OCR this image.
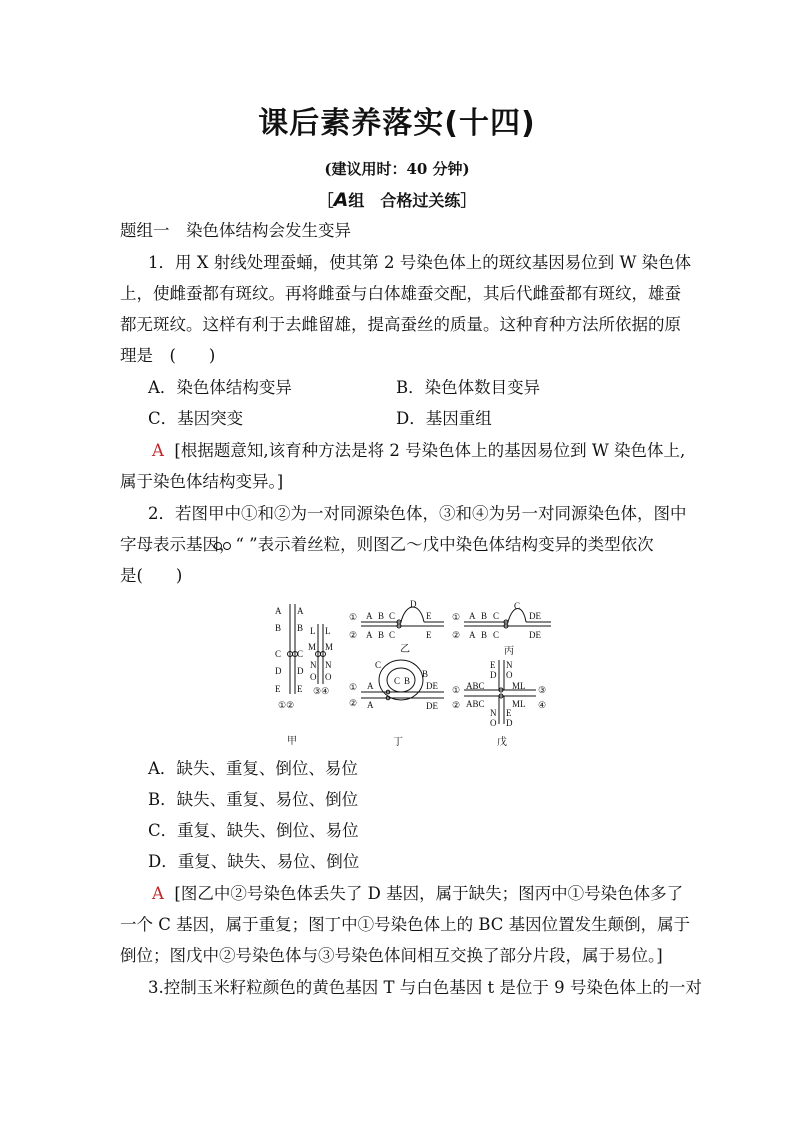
课后素养落实(十四)
(建议用时：40 分钟)
［A组　合格过关练］
题组一　染色体结构会发生变异
1．用 X 射线处理蚕蛹，使其第 2 号染色体上的斑纹基因易位到 W 染色体
上，使雌蚕都有斑纹。再将雌蚕与白体雄蚕交配，其后代雌蚕都有斑纹，雄蚕
都无斑纹。这样有利于去雌留雄，提高蚕丝的质量。这种育种方法所依据的原
理是　(　　)
A．染色体结构变异	B．染色体数目变异
C．基因突变	D．基因重组
A [根据题意知,该育种方法是将 2 号染色体上的基因易位到 W 染色体上,
属于染色体结构变异。]
2．若图甲中①和②为一对同源染色体，③和④为另一对同源染色体，图中
字母表示基因，“ ”表示着丝粒，则图乙～戊中染色体结构变异的类型依次
是(　　)
A A
B B
C C
D D
E E
L L
M M
N N
O O
③④
①②
甲
①
②
A B C
D
E
A B C	E
乙
①
②
A B C
C
DE
A B C	DE
丙
①
②
A
C
C B
B
DE
A	DE
丁
①
②
E
D
N
O
ABC	ML
ABC	ML
N
O
E
D
③
④
戊
A．缺失、重复、倒位、易位
B．缺失、重复、易位、倒位
C．重复、缺失、倒位、易位
D．重复、缺失、易位、倒位
A [图乙中②号染色体丢失了 D 基因，属于缺失；图丙中①号染色体多了
一个 C 基因，属于重复；图丁中①号染色体上的 BC 基因位置发生颠倒，属于
倒位；图戊中②号染色体与③号染色体间相互交换了部分片段，属于易位。]
3.控制玉米籽粒颜色的黄色基因 T 与白色基因 t 是位于 9 号染色体上的一对
